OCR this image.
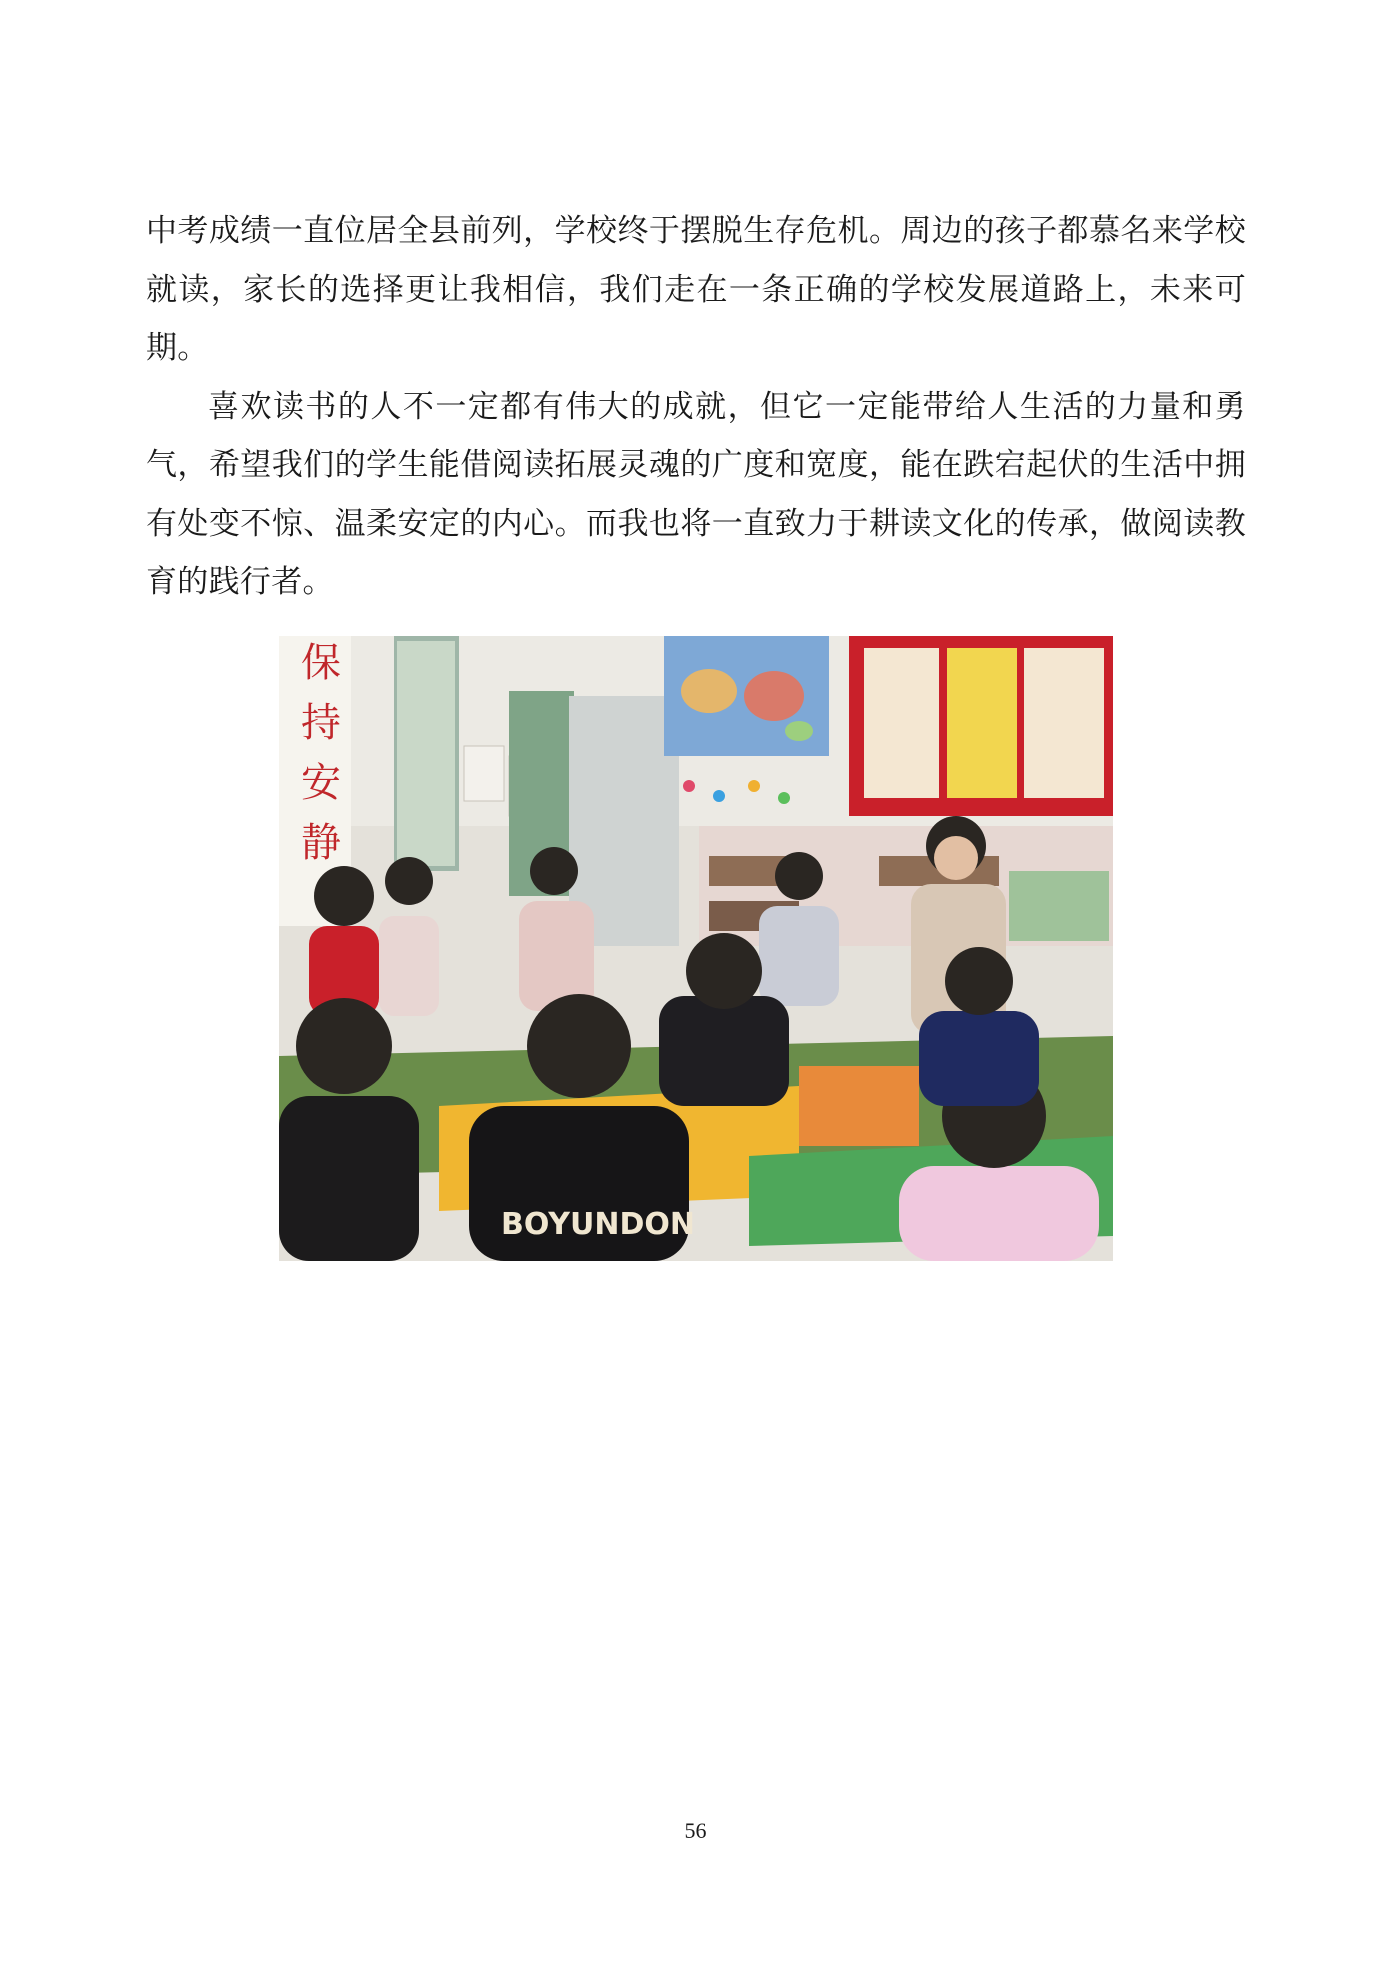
中考成绩一直位居全县前列，学校终于摆脱生存危机。周边的孩子都慕名来学校就读，家长的选择更让我相信，我们走在一条正确的学校发展道路上，未来可期。

喜欢读书的人不一定都有伟大的成就，但它一定能带给人生活的力量和勇气，希望我们的学生能借阅读拓展灵魂的广度和宽度，能在跌宕起伏的生活中拥有处变不惊、温柔安定的内心。而我也将一直致力于耕读文化的传承，做阅读教育的践行者。

保
持
安
静
BOYUNDON
56
